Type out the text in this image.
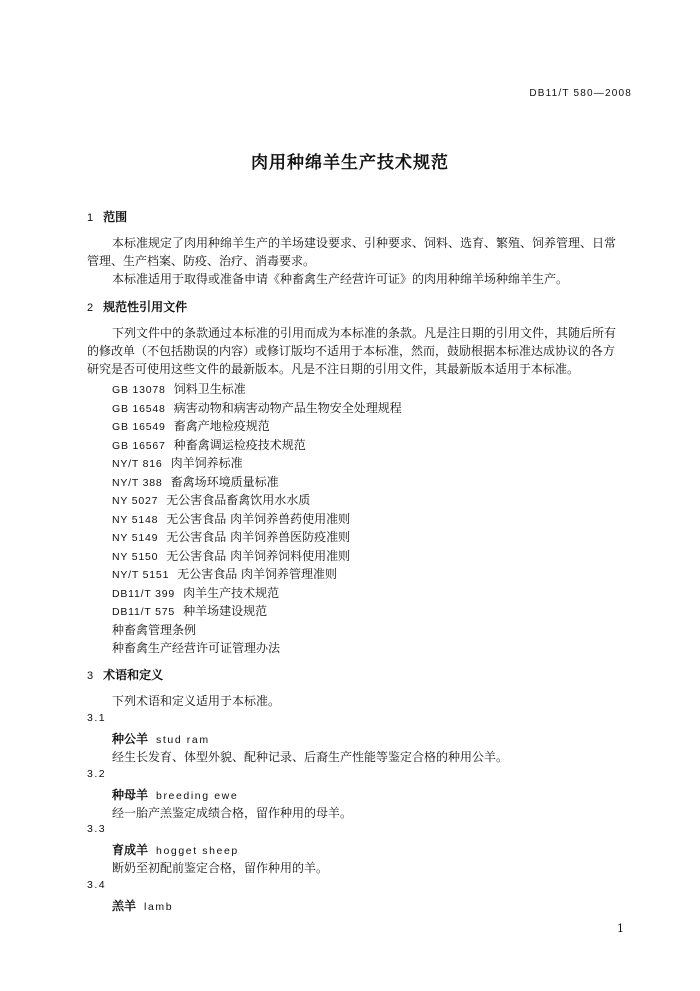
DB11/T 580—2008
肉用种绵羊生产技术规范
1 范围
本标准规定了肉用种绵羊生产的羊场建设要求、引种要求、饲料、选育、繁殖、饲养管理、日常
管理、生产档案、防疫、治疗、消毒要求。
本标准适用于取得或准备申请《种畜禽生产经营许可证》的肉用种绵羊场种绵羊生产。
2 规范性引用文件
下列文件中的条款通过本标准的引用而成为本标准的条款。凡是注日期的引用文件，其随后所有
的修改单（不包括勘误的内容）或修订版均不适用于本标准，然而，鼓励根据本标准达成协议的各方
研究是否可使用这些文件的最新版本。凡是不注日期的引用文件，其最新版本适用于本标准。
GB 13078 饲料卫生标准
GB 16548 病害动物和病害动物产品生物安全处理规程
GB 16549 畜禽产地检疫规范
GB 16567 种畜禽调运检疫技术规范
NY/T 816 肉羊饲养标准
NY/T 388 畜禽场环境质量标准
NY 5027 无公害食品畜禽饮用水水质
NY 5148 无公害食品 肉羊饲养兽药使用准则
NY 5149 无公害食品 肉羊饲养兽医防疫准则
NY 5150 无公害食品 肉羊饲养饲料使用准则
NY/T 5151 无公害食品 肉羊饲养管理准则
DB11/T 399 肉羊生产技术规范
DB11/T 575 种羊场建设规范
种畜禽管理条例
种畜禽生产经营许可证管理办法
3 术语和定义
下列术语和定义适用于本标准。
3.1
种公羊 stud ram
经生长发育、体型外貌、配种记录、后裔生产性能等鉴定合格的种用公羊。
3.2
种母羊 breeding ewe
经一胎产羔鉴定成绩合格，留作种用的母羊。
3.3
育成羊 hogget sheep
断奶至初配前鉴定合格，留作种用的羊。
3.4
羔羊 lamb
1
